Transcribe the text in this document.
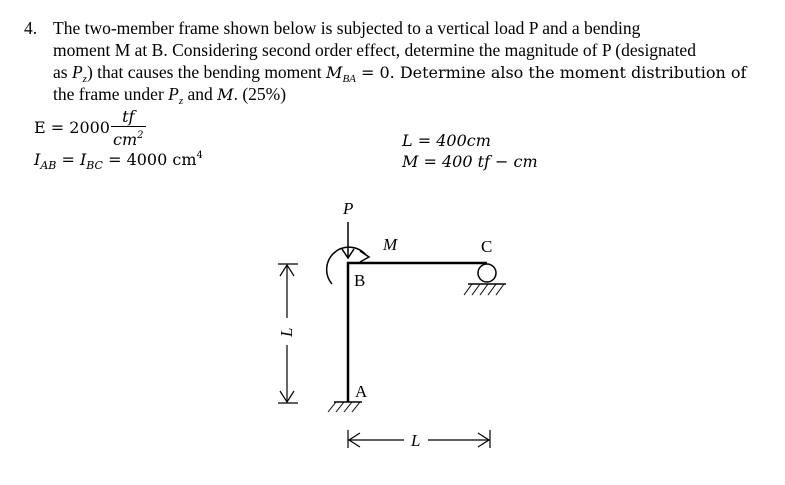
4. The two-member frame shown below is subjected to a vertical load P and a bending
moment M at B. Considering second order effect, determine the magnitude of P (designated
as $P_z$) that causes the bending moment $M_{BA} = 0$. Determine also the moment distribution of
the frame under $P_z$ and M. (25%)
$E = 2000 \frac{tf}{cm^2}$
$I_{AB} = I_{BC} = 4000$ $cm^4$
L = 400cm
M = 400 tf − cm
P
M	C
B
A
L
L
